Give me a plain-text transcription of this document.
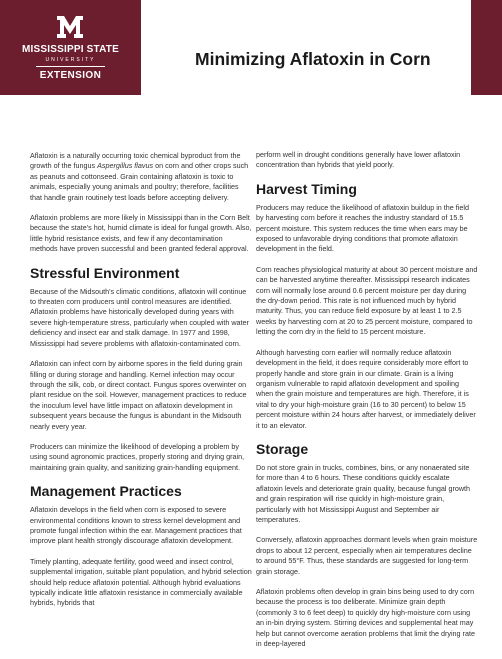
MISSISSIPPI STATE
UNIVERSITY
EXTENSION
Minimizing Aflatoxin in Corn

Aflatoxin is a naturally occurring toxic chemical byproduct from the growth of the fungus Aspergillus flavus on corn and other crops such as peanuts and cottonseed. Grain containing aflatoxin is toxic to animals, especially young animals and poultry; therefore, facilities that handle grain routinely test loads before accepting delivery.

Aflatoxin problems are more likely in Mississippi than in the Corn Belt because the state's hot, humid climate is ideal for fungal growth. Also, little hybrid resistance exists, and few if any decontamination methods have proven successful and been granted federal approval.

Stressful Environment

Because of the Midsouth's climatic conditions, aflatoxin will continue to threaten corn producers until control measures are identified. Aflatoxin problems have historically developed during years with severe high-temperature stress, particularly when coupled with water deficiency and insect ear and stalk damage. In 1977 and 1998, Mississippi had severe problems with aflatoxin-contaminated corn.

Aflatoxin can infect corn by airborne spores in the field during grain filling or during storage and handling. Kernel infection may occur through the silk, cob, or direct contact. Fungus spores overwinter on plant residue on the soil. However, management practices to reduce the inoculum level have little impact on aflatoxin development in subsequent years because the fungus is abundant in the Midsouth nearly every year.

Producers can minimize the likelihood of developing a problem by using sound agronomic practices, properly storing and drying grain, maintaining grain quality, and sanitizing grain-handling equipment.

Management Practices

Aflatoxin develops in the field when corn is exposed to severe environmental conditions known to stress kernel development and promote fungal infection within the ear. Management practices that improve plant health strongly discourage aflatoxin development.

Timely planting, adequate fertility, good weed and insect control, supplemental irrigation, suitable plant population, and hybrid selection should help reduce aflatoxin potential. Although hybrid evaluations typically indicate little aflatoxin resistance in commercially available hybrids, hybrids that

perform well in drought conditions generally have lower aflatoxin concentration than hybrids that yield poorly.

Harvest Timing

Producers may reduce the likelihood of aflatoxin buildup in the field by harvesting corn before it reaches the industry standard of 15.5 percent moisture. This system reduces the time when ears may be exposed to unfavorable drying conditions that promote aflatoxin development in the field.

Corn reaches physiological maturity at about 30 percent moisture and can be harvested anytime thereafter. Mississippi research indicates corn will normally lose around 0.6 percent moisture per day during the dry-down period. This rate is not influenced much by hybrid maturity. Thus, you can reduce field exposure by at least 1 to 2.5 weeks by harvesting corn at 20 to 25 percent moisture, compared to letting the corn dry in the field to 15 percent moisture.

Although harvesting corn earlier will normally reduce aflatoxin development in the field, it does require considerably more effort to properly handle and store grain in our climate. Grain is a living organism vulnerable to rapid aflatoxin development and spoiling when the grain moisture and temperatures are high. Therefore, it is vital to dry your high-moisture grain (16 to 30 percent) to below 15 percent moisture within 24 hours after harvest, or immediately deliver it to an elevator.

Storage

Do not store grain in trucks, combines, bins, or any nonaerated site for more than 4 to 6 hours. These conditions quickly escalate aflatoxin levels and deteriorate grain quality, because fungal growth and grain respiration will rise quickly in high-moisture grain, particularly with hot Mississippi August and September air temperatures.

Conversely, aflatoxin approaches dormant levels when grain moisture drops to about 12 percent, especially when air temperatures decline to around 55°F. Thus, these standards are suggested for long-term grain storage.

Aflatoxin problems often develop in grain bins being used to dry corn because the process is too deliberate. Minimize grain depth (commonly 3 to 6 feet deep) to quickly dry high-moisture corn using an in-bin drying system. Stirring devices and supplemental heat may help but cannot overcome aeration problems that limit the drying rate in deep-layered
